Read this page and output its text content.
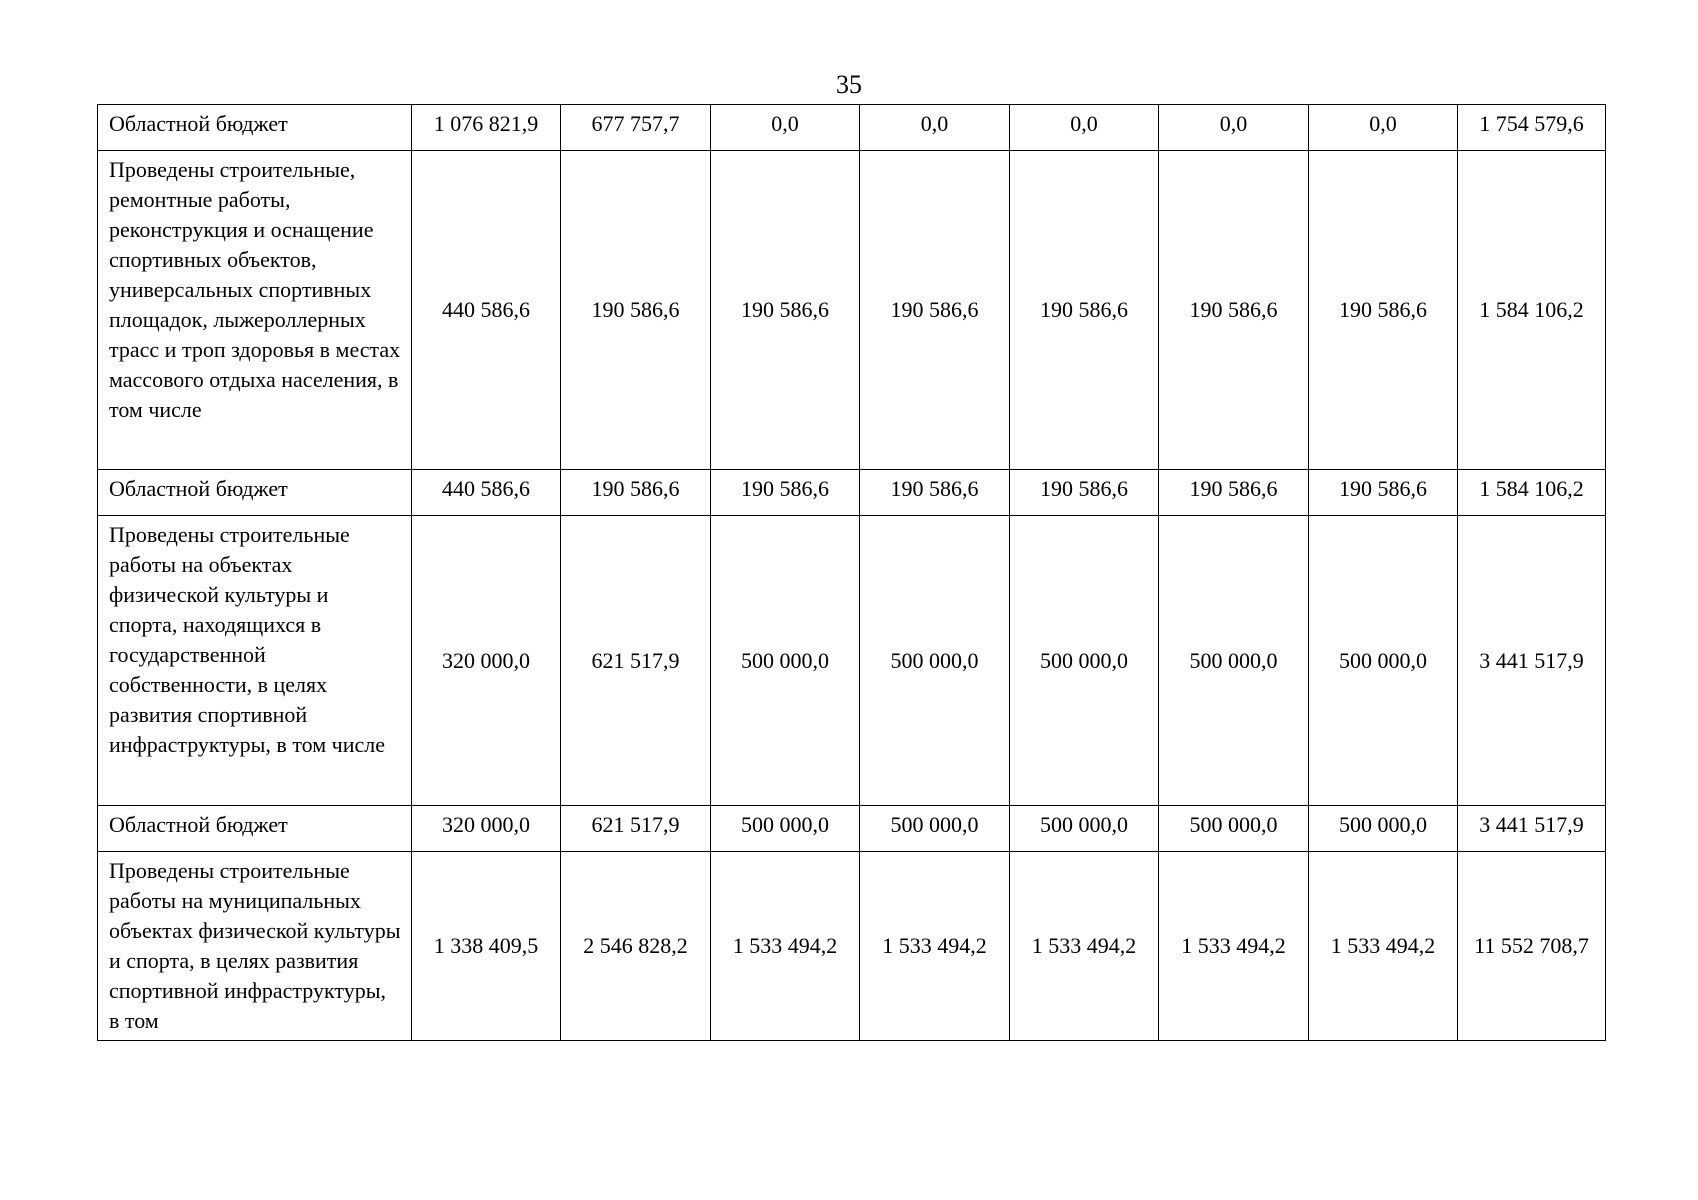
35
Областной бюджет	1 076 821,9	677 757,7	0,0	0,0	0,0	0,0	0,0	1 754 579,6
Проведены строительные, ремонтные работы, реконструкция и оснащение спортивных объектов, универсальных спортивных площадок, лыжероллерных трасс и троп здоровья в местах массового отдыха населения, в том числе	440 586,6	190 586,6	190 586,6	190 586,6	190 586,6	190 586,6	190 586,6	1 584 106,2
Областной бюджет	440 586,6	190 586,6	190 586,6	190 586,6	190 586,6	190 586,6	190 586,6	1 584 106,2
Проведены строительные работы на объектах физической культуры и спорта, находящихся в государственной собственности, в целях развития спортивной инфраструктуры, в том числе	320 000,0	621 517,9	500 000,0	500 000,0	500 000,0	500 000,0	500 000,0	3 441 517,9
Областной бюджет	320 000,0	621 517,9	500 000,0	500 000,0	500 000,0	500 000,0	500 000,0	3 441 517,9
Проведены строительные работы на муниципальных объектах физической культуры и спорта, в целях развития спортивной инфраструктуры, в том	1 338 409,5	2 546 828,2	1 533 494,2	1 533 494,2	1 533 494,2	1 533 494,2	1 533 494,2	11 552 708,7
